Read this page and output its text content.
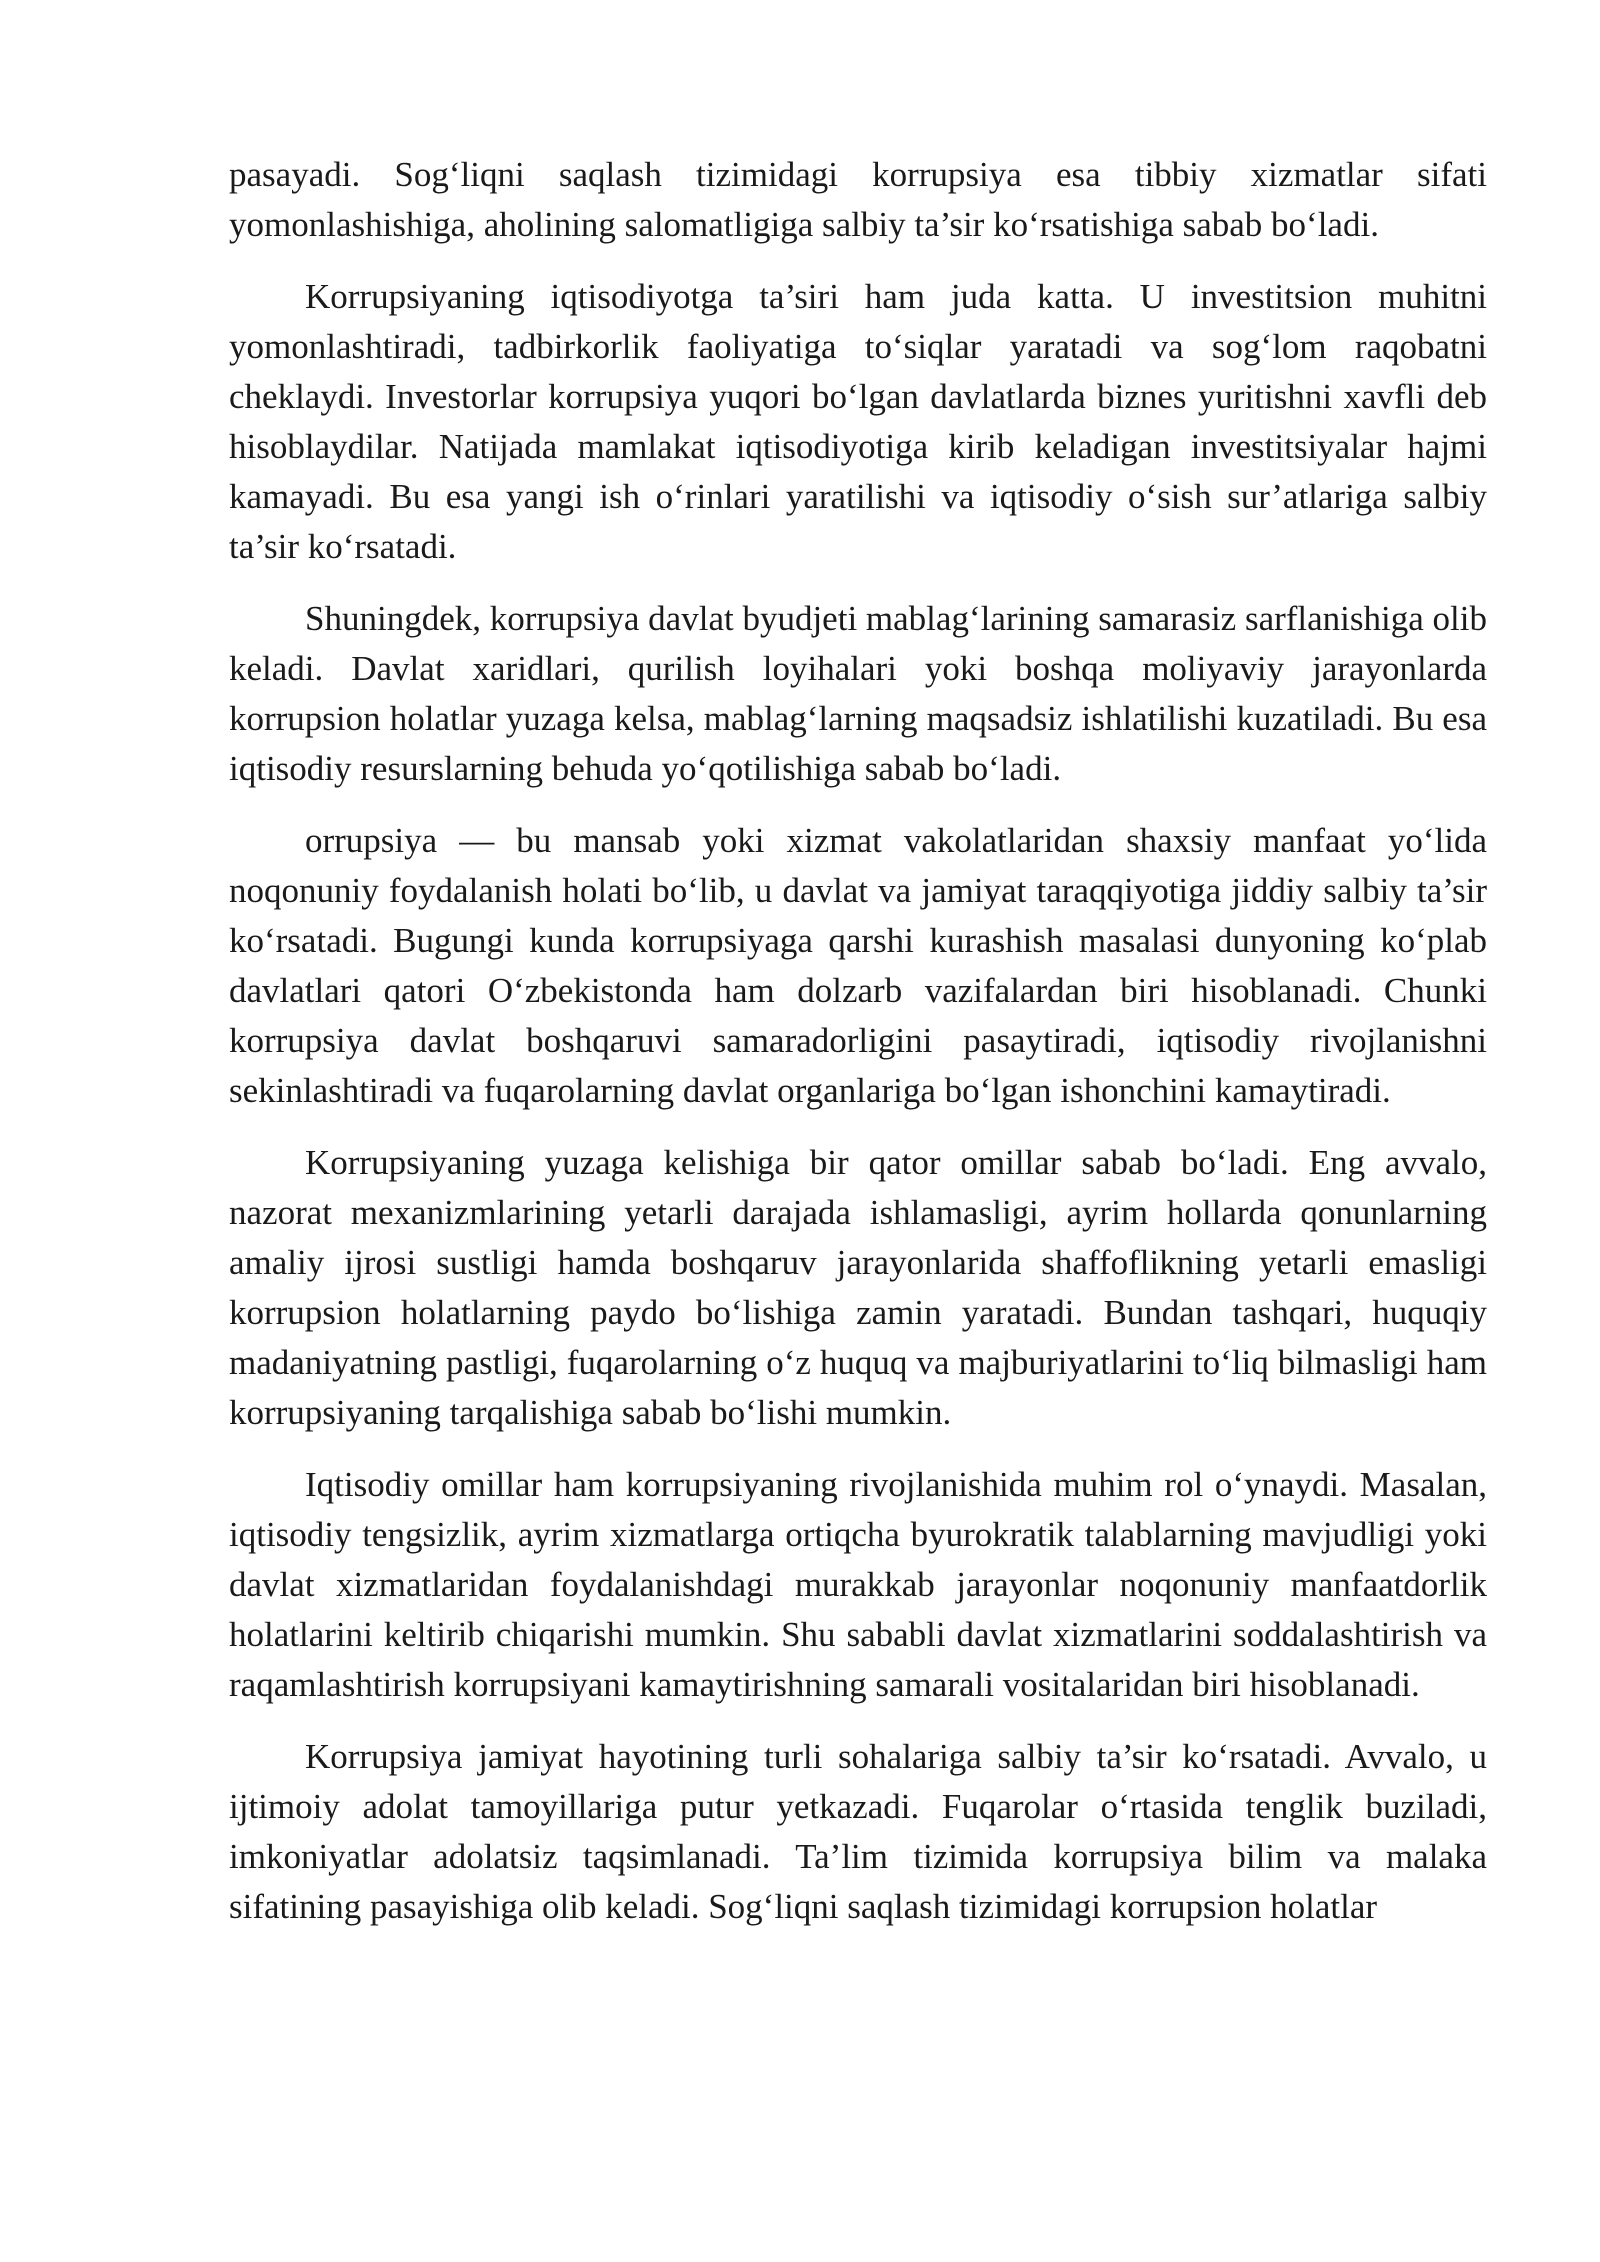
pasayadi. Sog‘liqni saqlash tizimidagi korrupsiya esa tibbiy xizmatlar sifati yomonlashishiga, aholining salomatligiga salbiy ta’sir ko‘rsatishiga sabab bo‘ladi.

Korrupsiyaning iqtisodiyotga ta’siri ham juda katta. U investitsion muhitni yomonlashtiradi, tadbirkorlik faoliyatiga to‘siqlar yaratadi va sog‘lom raqobatni cheklaydi. Investorlar korrupsiya yuqori bo‘lgan davlatlarda biznes yuritishni xavfli deb hisoblaydilar. Natijada mamlakat iqtisodiyotiga kirib keladigan investitsiyalar hajmi kamayadi. Bu esa yangi ish o‘rinlari yaratilishi va iqtisodiy o‘sish sur’atlariga salbiy ta’sir ko‘rsatadi.

Shuningdek, korrupsiya davlat byudjeti mablag‘larining samarasiz sarflanishiga olib keladi. Davlat xaridlari, qurilish loyihalari yoki boshqa moliyaviy jarayonlarda korrupsion holatlar yuzaga kelsa, mablag‘larning maqsadsiz ishlatilishi kuzatiladi. Bu esa iqtisodiy resurslarning behuda yo‘qotilishiga sabab bo‘ladi.

orrupsiya — bu mansab yoki xizmat vakolatlaridan shaxsiy manfaat yo‘lida noqonuniy foydalanish holati bo‘lib, u davlat va jamiyat taraqqiyotiga jiddiy salbiy ta’sir ko‘rsatadi. Bugungi kunda korrupsiyaga qarshi kurashish masalasi dunyoning ko‘plab davlatlari qatori O‘zbekistonda ham dolzarb vazifalardan biri hisoblanadi. Chunki korrupsiya davlat boshqaruvi samaradorligini pasaytiradi, iqtisodiy rivojlanishni sekinlashtiradi va fuqarolarning davlat organlariga bo‘lgan ishonchini kamaytiradi.

Korrupsiyaning yuzaga kelishiga bir qator omillar sabab bo‘ladi. Eng avvalo, nazorat mexanizmlarining yetarli darajada ishlamasligi, ayrim hollarda qonunlarning amaliy ijrosi sustligi hamda boshqaruv jarayonlarida shaffoflikning yetarli emasligi korrupsion holatlarning paydo bo‘lishiga zamin yaratadi. Bundan tashqari, huquqiy madaniyatning pastligi, fuqarolarning o‘z huquq va majburiyatlarini to‘liq bilmasligi ham korrupsiyaning tarqalishiga sabab bo‘lishi mumkin.

Iqtisodiy omillar ham korrupsiyaning rivojlanishida muhim rol o‘ynaydi. Masalan, iqtisodiy tengsizlik, ayrim xizmatlarga ortiqcha byurokratik talablarning mavjudligi yoki davlat xizmatlaridan foydalanishdagi murakkab jarayonlar noqonuniy manfaatdorlik holatlarini keltirib chiqarishi mumkin. Shu sababli davlat xizmatlarini soddalashtirish va raqamlashtirish korrupsiyani kamaytirishning samarali vositalaridan biri hisoblanadi.

Korrupsiya jamiyat hayotining turli sohalariga salbiy ta’sir ko‘rsatadi. Avvalo, u ijtimoiy adolat tamoyillariga putur yetkazadi. Fuqarolar o‘rtasida tenglik buziladi, imkoniyatlar adolatsiz taqsimlanadi. Ta’lim tizimida korrupsiya bilim va malaka sifatining pasayishiga olib keladi. Sog‘liqni saqlash tizimidagi korrupsion holatlar
